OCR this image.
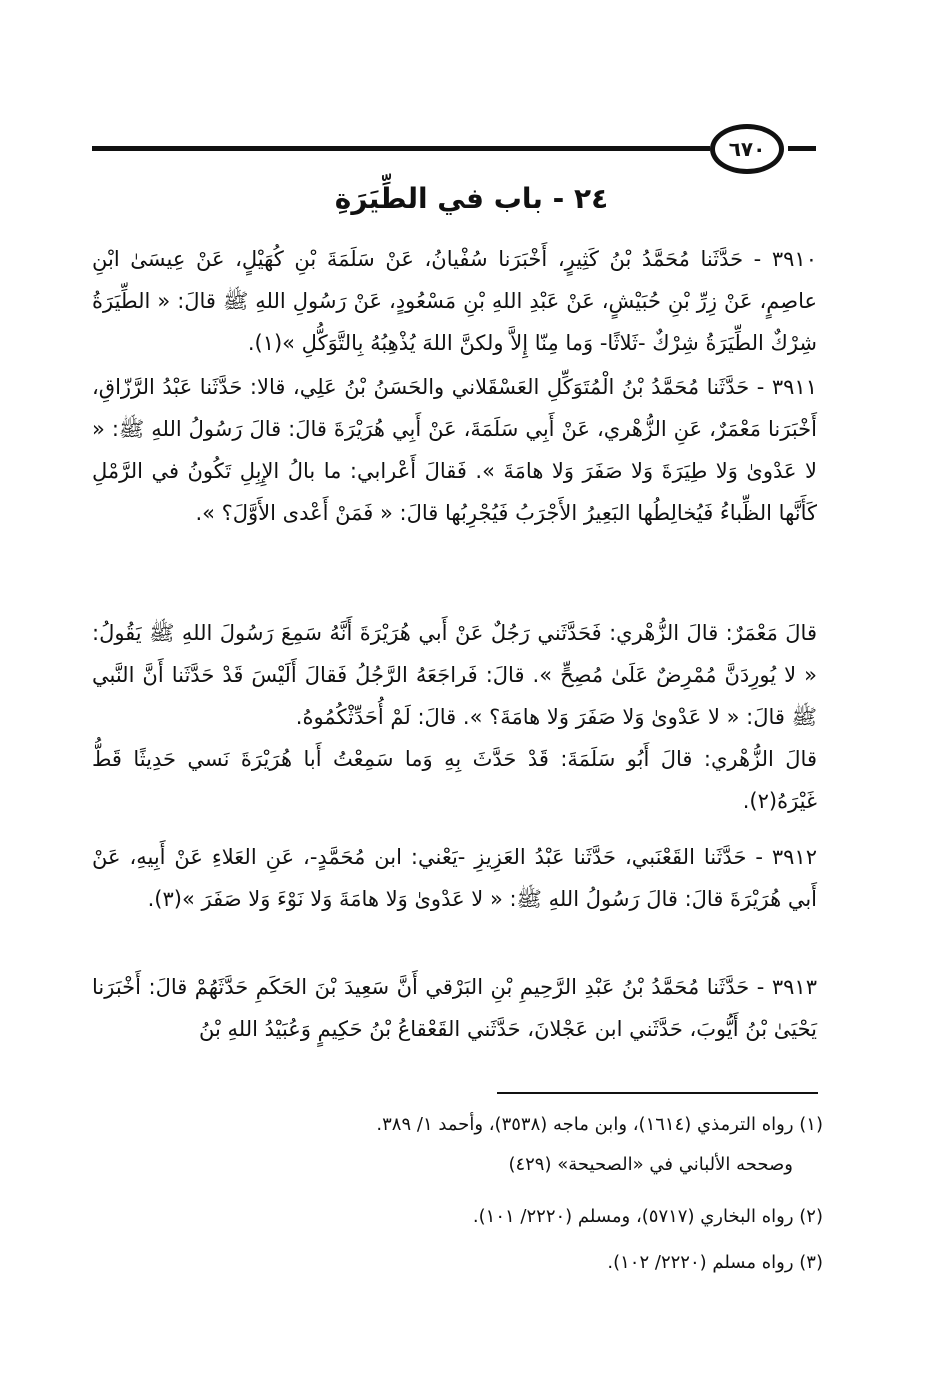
٦٧٠
٢٤ - باب في الطِّيَرَةِ

٣٩١٠ - حَدَّثَنا مُحَمَّدُ بْنُ كَثِيرٍ، أَخْبَرَنا سُفْيانُ، عَنْ سَلَمَةَ بْنِ كُهَيْلٍ، عَنْ عِيسَىٰ ابْنِ عاصِمٍ، عَنْ زِرِّ بْنِ حُبَيْشٍ، عَنْ عَبْدِ اللهِ بْنِ مَسْعُودٍ، عَنْ رَسُولِ اللهِ ﷺ قالَ: « الطِّيَرَةُ شِرْكٌ الطِّيَرَةُ شِرْكٌ -ثَلاثًا- وَما مِنّا إِلاَّ ولكنَّ اللهَ يُذْهِبُهُ بِالتَّوَكُّلِ »(١).

٣٩١١ - حَدَّثَنا مُحَمَّدُ بْنُ الْمُتَوَكِّلِ العَسْقَلاني والحَسَنُ بْنُ عَلِي، قالا: حَدَّثَنا عَبْدُ الرَّزّاقِ، أَخْبَرَنا مَعْمَرٌ، عَنِ الزُّهْري، عَنْ أَبِي سَلَمَةَ، عَنْ أَبِي هُرَيْرَةَ قالَ: قالَ رَسُولُ اللهِ ﷺ: « لا عَدْوىٰ وَلا طِيَرَةَ وَلا صَفَرَ وَلا هامَةَ ». فَقالَ أَعْرابي: ما بالُ الإِبِلِ تَكُونُ في الرَّمْلِ كَأَنَّها الظِّباءُ فَيُخالِطُها البَعِيرُ الأَجْرَبُ فَيُجْرِبُها قالَ: « فَمَنْ أَعْدى الأَوَّلَ؟ ».

قالَ مَعْمَرٌ: قالَ الزُّهْري: فَحَدَّثَني رَجُلٌ عَنْ أَبي هُرَيْرَةَ أَنَّهُ سَمِعَ رَسُولَ اللهِ ﷺ يَقُولُ: « لا يُورِدَنَّ مُمْرِضٌ عَلَىٰ مُصِحٍّ ». قالَ: فَراجَعَهُ الرَّجُلُ فَقالَ أَلَيْسَ قَدْ حَدَّثَنا أَنَّ النَّبي ﷺ قالَ: « لا عَدْوىٰ وَلا صَفَرَ وَلا هامَةَ؟ ». قالَ: لَمْ أُحَدِّثْكُمُوهُ.

قالَ الزُّهْري: قالَ أَبُو سَلَمَةَ: قَدْ حَدَّثَ بِهِ وَما سَمِعْتُ أَبا هُرَيْرَةَ نَسي حَدِيثًا قَطُّ غَيْرَهُ(٢).

٣٩١٢ - حَدَّثَنا القَعْنَبي، حَدَّثَنا عَبْدُ العَزِيزِ -يَعْني: ابن مُحَمَّدٍ-، عَنِ العَلاءِ عَنْ أَبِيهِ، عَنْ أَبي هُرَيْرَةَ قالَ: قالَ رَسُولُ اللهِ ﷺ: « لا عَدْوىٰ وَلا هامَةَ وَلا نَوْءَ وَلا صَفَرَ »(٣).

٣٩١٣ - حَدَّثَنا مُحَمَّدُ بْنُ عَبْدِ الرَّحِيمِ بْنِ البَرْقي أَنَّ سَعِيدَ بْنَ الحَكَمِ حَدَّثَهُمْ قالَ: أَخْبَرَنا يَحْيَىٰ بْنُ أَيُّوبَ، حَدَّثَني ابن عَجْلانَ، حَدَّثَني القَعْقاعُ بْنُ حَكِيمٍ وَعُبَيْدُ اللهِ بْنُ

(١) رواه الترمذي (١٦١٤)، وابن ماجه (٣٥٣٨)، وأحمد ١/ ٣٨٩.

وصححه الألباني في «الصحيحة» (٤٢٩)

(٢) رواه البخاري (٥٧١٧)، ومسلم (٢٢٢٠/ ١٠١).

(٣) رواه مسلم (٢٢٢٠/ ١٠٢).
